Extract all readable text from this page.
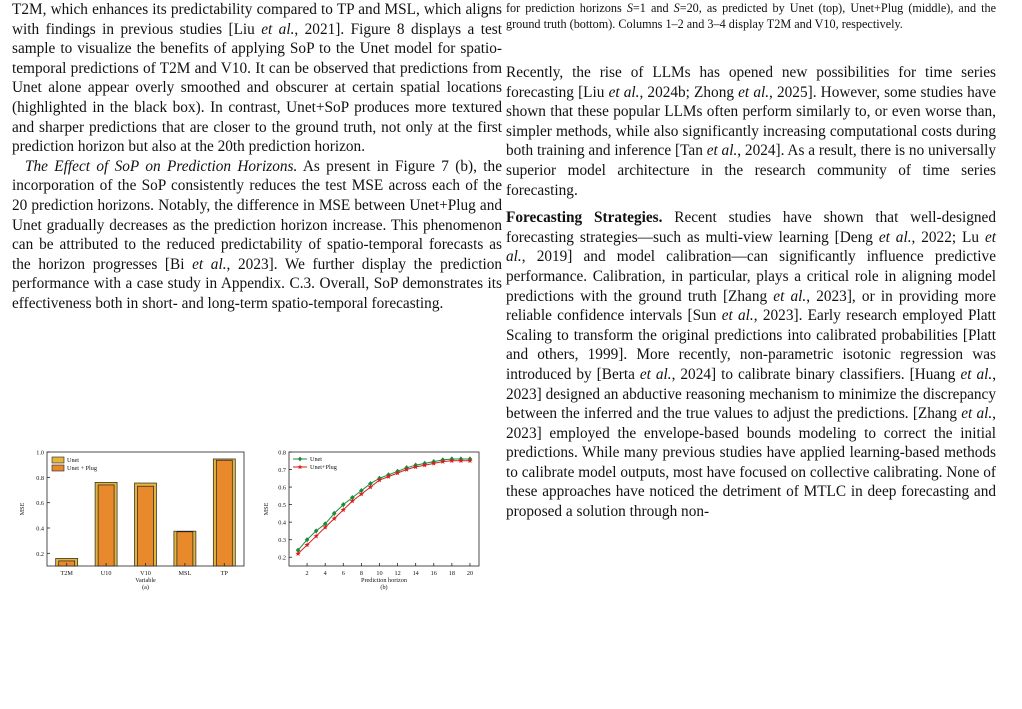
T2M, which enhances its predictability compared to TP and MSL, which aligns with findings in previous studies [Liu et al., 2021]. Figure 8 displays a test sample to visualize the benefits of applying SoP to the Unet model for spatio-temporal predictions of T2M and V10. It can be observed that predictions from Unet alone appear overly smoothed and obscurer at certain spatial locations (highlighted in the black box). In contrast, Unet+SoP produces more textured and sharper predictions that are closer to the ground truth, not only at the first prediction horizon but also at the 20th prediction horizon.

The Effect of SoP on Prediction Horizons. As present in Figure 7 (b), the incorporation of the SoP consistently reduces the test MSE across each of the 20 prediction horizons. Notably, the difference in MSE between Unet+Plug and Unet gradually decreases as the prediction horizon increase. This phenomenon can be attributed to the reduced predictability of spatio-temporal forecasts as the horizon progresses [Bi et al., 2023]. We further display the prediction performance with a case study in Appendix. C.3. Overall, SoP demonstrates its effectiveness both in short- and long-term spatio-temporal forecasting.

0.2
0.4
0.6
0.8
1.0
T2M	U10	V10	MSL	TP
Variable
(a)
MSE
Unet
Unet + Plug
0.2
0.3
0.4
0.5
0.6
0.7
0.8
2 4 6 8 10 12 14 16 18 20
Prediction horizon
(b)
MSE
Unet
Unet+Plug

for prediction horizons S=1 and S=20, as predicted by Unet (top), Unet+Plug (middle), and the ground truth (bottom). Columns 1–2 and 3–4 display T2M and V10, respectively.

Recently, the rise of LLMs has opened new possibilities for time series forecasting [Liu et al., 2024b; Zhong et al., 2025]. However, some studies have shown that these popular LLMs often perform similarly to, or even worse than, simpler methods, while also significantly increasing computational costs during both training and inference [Tan et al., 2024]. As a result, there is no universally superior model architecture in the research community of time series forecasting.

Forecasting Strategies. Recent studies have shown that well-designed forecasting strategies—such as multi-view learning [Deng et al., 2022; Lu et al., 2019] and model calibration—can significantly influence predictive performance. Calibration, in particular, plays a critical role in aligning model predictions with the ground truth [Zhang et al., 2023], or in providing more reliable confidence intervals [Sun et al., 2023]. Early research employed Platt Scaling to transform the original predictions into calibrated probabilities [Platt and others, 1999]. More recently, non-parametric isotonic regression was introduced by [Berta et al., 2024] to calibrate binary classifiers. [Huang et al., 2023] designed an abductive reasoning mechanism to minimize the discrepancy between the inferred and the true values to adjust the predictions. [Zhang et al., 2023] employed the envelope-based bounds modeling to correct the initial predictions. While many previous studies have applied learning-based methods to calibrate model outputs, most have focused on collective calibrating. None of these approaches have noticed the detriment of MTLC in deep forecasting and proposed a solution through non-
